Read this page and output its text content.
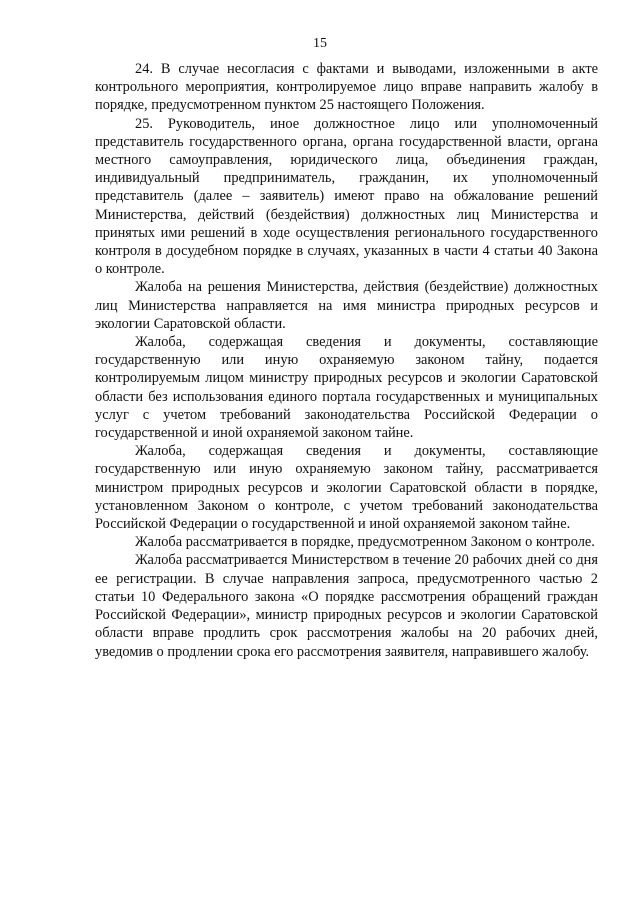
15

24. В случае несогласия с фактами и выводами, изложенными в акте контрольного мероприятия, контролируемое лицо вправе направить жалобу в порядке, предусмотренном пунктом 25 настоящего Положения.

25. Руководитель, иное должностное лицо или уполномоченный представитель государственного органа, органа государственной власти, органа местного самоуправления, юридического лица, объединения граждан, индивидуальный предприниматель, гражданин, их уполномоченный представитель (далее – заявитель) имеют право на обжалование решений Министерства, действий (бездействия) должностных лиц Министерства и принятых ими решений в ходе осуществления регионального государственного контроля в досудебном порядке в случаях, указанных в части 4 статьи 40 Закона о контроле.

Жалоба на решения Министерства, действия (бездействие) должностных лиц Министерства направляется на имя министра природных ресурсов и экологии Саратовской области.

Жалоба, содержащая сведения и документы, составляющие государственную или иную охраняемую законом тайну, подается контролируемым лицом министру природных ресурсов и экологии Саратовской области без использования единого портала государственных и муниципальных услуг с учетом требований законодательства Российской Федерации о государственной и иной охраняемой законом тайне.

Жалоба, содержащая сведения и документы, составляющие государственную или иную охраняемую законом тайну, рассматривается министром природных ресурсов и экологии Саратовской области в порядке, установленном Законом о контроле, с учетом требований законодательства Российской Федерации о государственной и иной охраняемой законом тайне.

Жалоба рассматривается в порядке, предусмотренном Законом о контроле.

Жалоба рассматривается Министерством в течение 20 рабочих дней со дня ее регистрации. В случае направления запроса, предусмотренного частью 2 статьи 10 Федерального закона «О порядке рассмотрения обращений граждан Российской Федерации», министр природных ресурсов и экологии Саратовской области вправе продлить срок рассмотрения жалобы на 20 рабочих дней, уведомив о продлении срока его рассмотрения заявителя, направившего жалобу.
